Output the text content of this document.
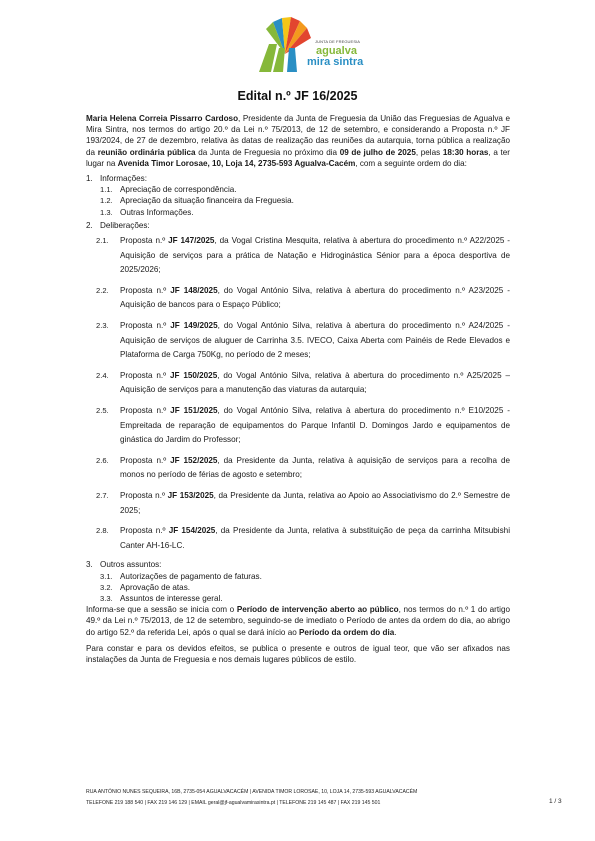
JUNTA DE FREGUESIA
agualva
mira sintra
Edital n.º JF 16/2025

Maria Helena Correia Pissarro Cardoso, Presidente da Junta de Freguesia da União das Freguesias de Agualva e Mira Sintra, nos termos do artigo 20.º da Lei n.º 75/2013, de 12 de setembro, e considerando a Proposta n.º JF 193/2024, de 27 de dezembro, relativa às datas de realização das reuniões da autarquia, torna pública a realização da reunião ordinária pública da Junta de Freguesia no próximo dia 09 de julho de 2025, pelas 18:30 horas, a ter lugar na Avenida Timor Lorosae, 10, Loja 14, 2735-593 Agualva-Cacém, com a seguinte ordem do dia:

1. Informações:
1.1. Apreciação de correspondência.
1.2. Apreciação da situação financeira da Freguesia.
1.3. Outras Informações.
2. Deliberações:
2.1. Proposta n.º JF 147/2025, da Vogal Cristina Mesquita, relativa à abertura do procedimento n.º A22/2025 - Aquisição de serviços para a prática de Natação e Hidroginástica Sénior para a época desportiva de 2025/2026;
2.2. Proposta n.º JF 148/2025, do Vogal António Silva, relativa à abertura do procedimento n.º A23/2025 - Aquisição de bancos para o Espaço Público;
2.3. Proposta n.º JF 149/2025, do Vogal António Silva, relativa à abertura do procedimento n.º A24/2025 - Aquisição de serviços de aluguer de Carrinha 3.5. IVECO, Caixa Aberta com Painéis de Rede Elevados e Plataforma de Carga 750Kg, no período de 2 meses;
2.4. Proposta n.º JF 150/2025, do Vogal António Silva, relativa à abertura do procedimento n.º A25/2025 – Aquisição de serviços para a manutenção das viaturas da autarquia;
2.5. Proposta n.º JF 151/2025, do Vogal António Silva, relativa à abertura do procedimento n.º E10/2025 - Empreitada de reparação de equipamentos do Parque Infantil D. Domingos Jardo e equipamentos de ginástica do Jardim do Professor;
2.6. Proposta n.º JF 152/2025, da Presidente da Junta, relativa à aquisição de serviços para a recolha de monos no período de férias de agosto e setembro;
2.7. Proposta n.º JF 153/2025, da Presidente da Junta, relativa ao Apoio ao Associativismo do 2.º Semestre de 2025;
2.8. Proposta n.º JF 154/2025, da Presidente da Junta, relativa à substituição de peça da carrinha Mitsubishi Canter AH-16-LC.
3. Outros assuntos:
3.1. Autorizações de pagamento de faturas.
3.2. Aprovação de atas.
3.3. Assuntos de interesse geral.

Informa-se que a sessão se inicia com o Período de intervenção aberto ao público, nos termos do n.º 1 do artigo 49.º da Lei n.º 75/2013, de 12 de setembro, seguindo-se de imediato o Período de antes da ordem do dia, ao abrigo do artigo 52.º da referida Lei, após o qual se dará início ao Período da ordem do dia.

Para constar e para os devidos efeitos, se publica o presente e outros de igual teor, que vão ser afixados nas instalações da Junta de Freguesia e nos demais lugares públicos de estilo.

RUA ANTÓNIO NUNES SEQUEIRA, 16B, 2735-054 AGUALVACACÉM | AVENIDA TIMOR LOROSAE, 10, LOJA 14, 2735-593 AGUALVACACÉM
TELEFONE 219 188 540 | FAX 219 146 129 | EMAIL geral@jf-agualvamirasintra.pt | TELEFONE 219 145 487 | FAX 219 145 501	1 / 3
